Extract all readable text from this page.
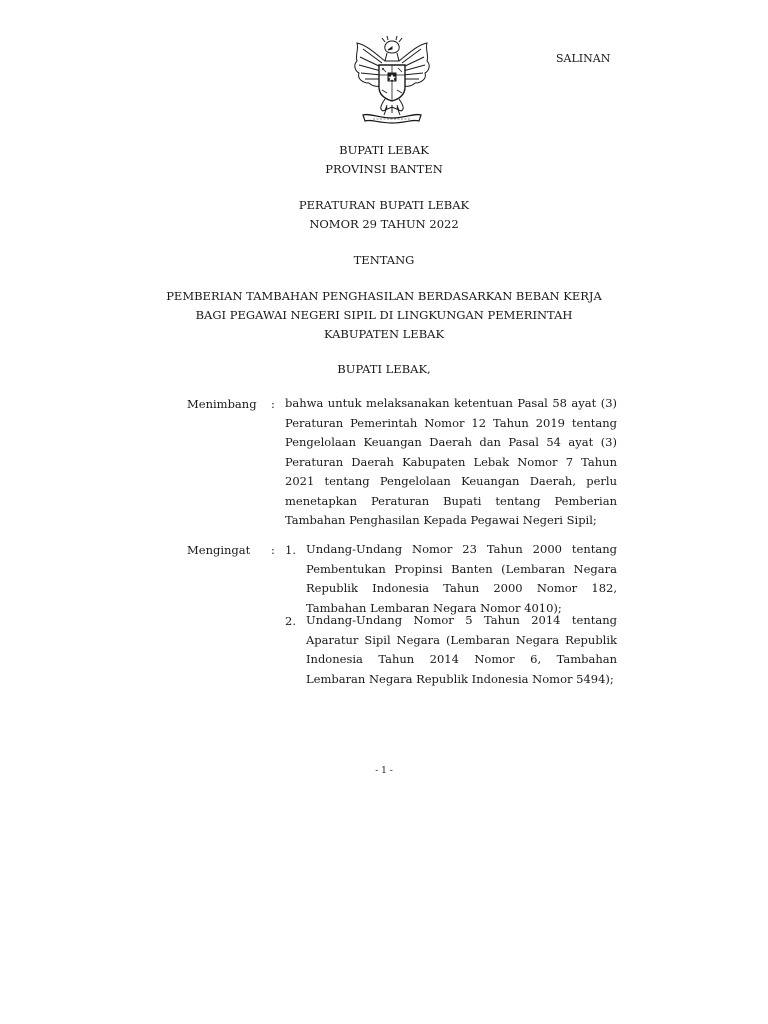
SALINAN
BUPATI LEBAK
PROVINSI BANTEN
PERATURAN BUPATI LEBAK
NOMOR 29 TAHUN 2022
TENTANG
PEMBERIAN TAMBAHAN PENGHASILAN BERDASARKAN BEBAN KERJA
BAGI PEGAWAI NEGERI SIPIL DI LINGKUNGAN PEMERINTAH
KABUPATEN LEBAK
BUPATI LEBAK,
Menimbang : bahwa untuk melaksanakan ketentuan Pasal 58 ayat (3) Peraturan Pemerintah Nomor 12 Tahun 2019 tentang Pengelolaan Keuangan Daerah dan Pasal 54 ayat (3) Peraturan Daerah Kabupaten Lebak Nomor 7 Tahun 2021 tentang Pengelolaan Keuangan Daerah, perlu menetapkan Peraturan Bupati tentang Pemberian Tambahan Penghasilan Kepada Pegawai Negeri Sipil;

Mengingat : 1. Undang-Undang Nomor 23 Tahun 2000 tentang Pembentukan Propinsi Banten (Lembaran Negara Republik Indonesia Tahun 2000 Nomor 182, Tambahan Lembaran Negara Nomor 4010);

2. Undang-Undang Nomor 5 Tahun 2014 tentang Aparatur Sipil Negara (Lembaran Negara Republik Indonesia Tahun 2014 Nomor 6, Tambahan Lembaran Negara Republik Indonesia Nomor 5494);

- 1 -
